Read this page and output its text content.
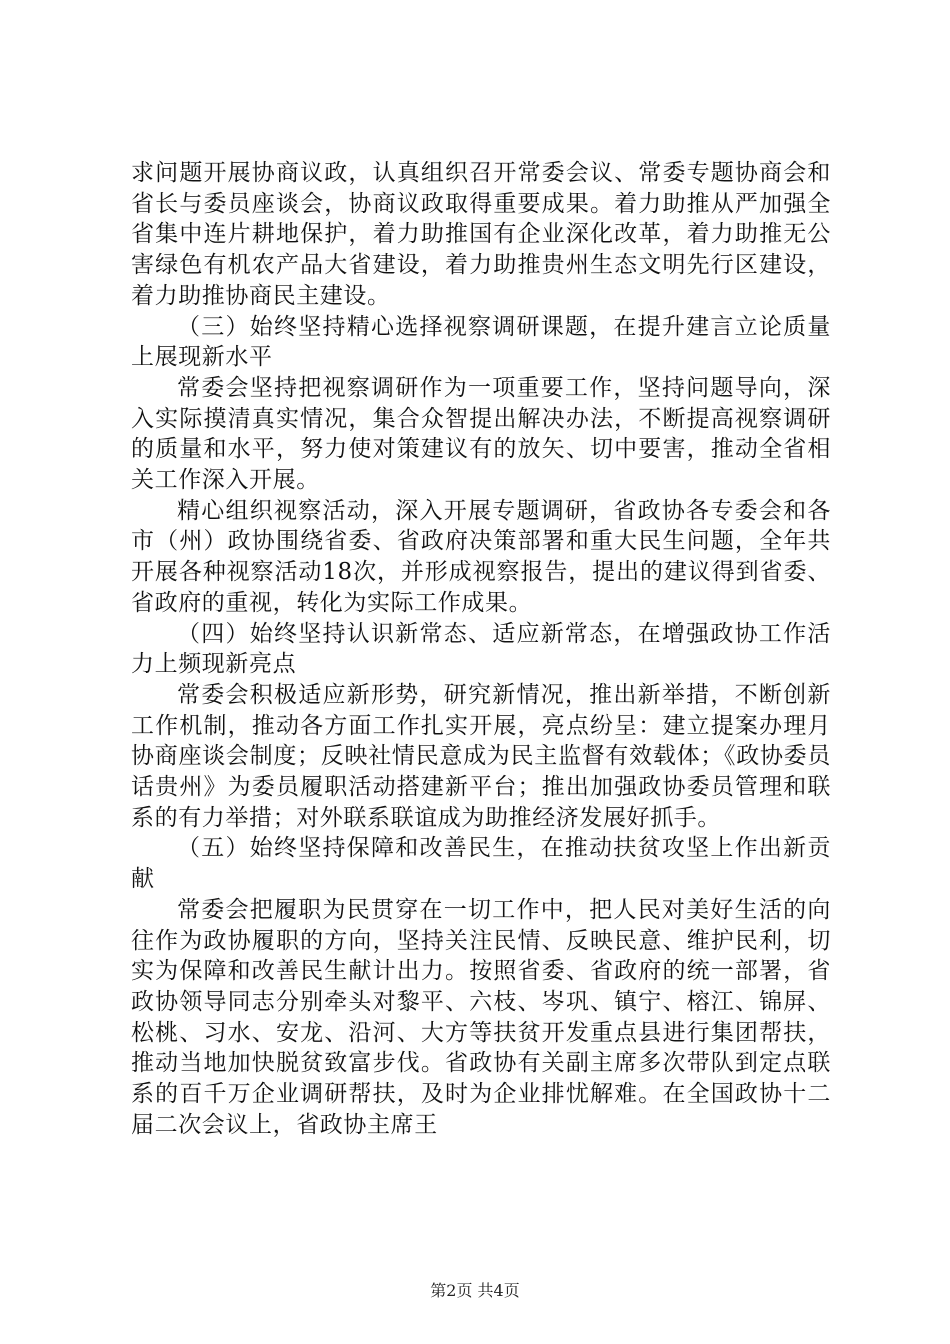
求问题开展协商议政，认真组织召开常委会议、常委专题协商会和省长与委员座谈会，协商议政取得重要成果。着力助推从严加强全省集中连片耕地保护，着力助推国有企业深化改革，着力助推无公害绿色有机农产品大省建设，着力助推贵州生态文明先行区建设，着力助推协商民主建设。

（三）始终坚持精心选择视察调研课题，在提升建言立论质量上展现新水平

常委会坚持把视察调研作为一项重要工作，坚持问题导向，深入实际摸清真实情况，集合众智提出解决办法，不断提高视察调研的质量和水平，努力使对策建议有的放矢、切中要害，推动全省相关工作深入开展。

精心组织视察活动，深入开展专题调研，省政协各专委会和各市（州）政协围绕省委、省政府决策部署和重大民生问题，全年共开展各种视察活动18次，并形成视察报告，提出的建议得到省委、省政府的重视，转化为实际工作成果。

（四）始终坚持认识新常态、适应新常态，在增强政协工作活力上频现新亮点

常委会积极适应新形势，研究新情况，推出新举措，不断创新工作机制，推动各方面工作扎实开展，亮点纷呈：建立提案办理月协商座谈会制度；反映社情民意成为民主监督有效载体；《政协委员话贵州》为委员履职活动搭建新平台；推出加强政协委员管理和联系的有力举措；对外联系联谊成为助推经济发展好抓手。

（五）始终坚持保障和改善民生，在推动扶贫攻坚上作出新贡献

常委会把履职为民贯穿在一切工作中，把人民对美好生活的向往作为政协履职的方向，坚持关注民情、反映民意、维护民利，切实为保障和改善民生献计出力。按照省委、省政府的统一部署，省政协领导同志分别牵头对黎平、六枝、岑巩、镇宁、榕江、锦屏、松桃、习水、安龙、沿河、大方等扶贫开发重点县进行集团帮扶，推动当地加快脱贫致富步伐。省政协有关副主席多次带队到定点联系的百千万企业调研帮扶，及时为企业排忧解难。在全国政协十二届二次会议上，省政协主席王

第2页 共4页
